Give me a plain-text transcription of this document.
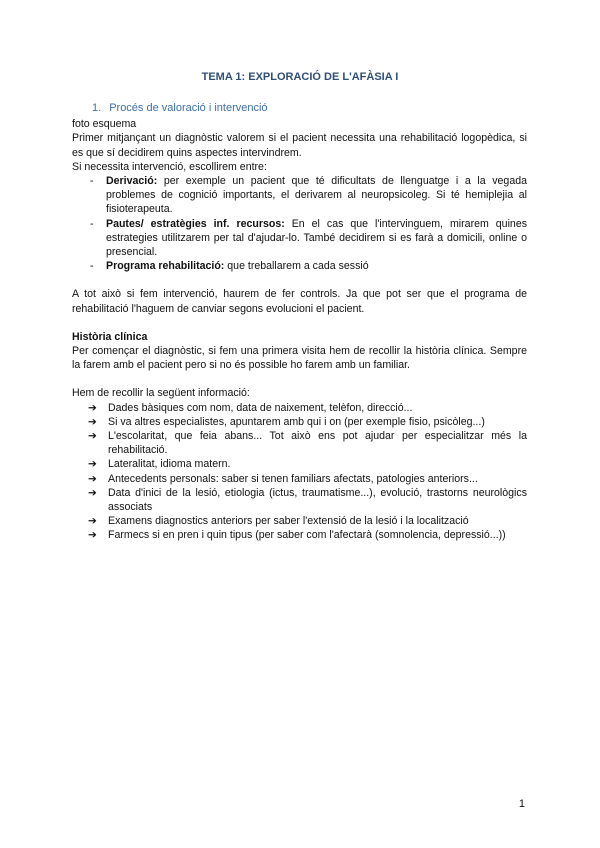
TEMA 1: EXPLORACIÓ DE L'AFÀSIA I
1. Procés de valoració i intervenció

foto esquema

Primer mitjançant un diagnòstic valorem si el pacient necessita una rehabilitació logopèdica, si es que sí decidirem quins aspectes intervindrem.

Si necessita intervenció, escollirem entre:

- Derivació: per exemple un pacient que té dificultats de llenguatge i a la vegada problemes de cognició importants, el derivarem al neuropsicoleg. Si té hemiplejia al fisioterapeuta.
- Pautes/ estratègies inf. recursos: En el cas que l'intervinguem, mirarem quines estrategies utilitzarem per tal d'ajudar-lo. També decidirem si es farà a domicili, online o presencial.
- Programa rehabilitació: que treballarem a cada sessió

A tot això si fem intervenció, haurem de fer controls. Ja que pot ser que el programa de rehabilitació l'haguem de canviar segons evolucioni el pacient.

Història clínica

Per començar el diagnòstic, si fem una primera visita hem de recollir la història clínica. Sempre la farem amb el pacient pero si no és possible ho farem amb un familiar.

Hem de recollir la següent informació:

➔ Dades bàsiques com nom, data de naixement, telèfon, direcció...
➔ Si va altres especialistes, apuntarem amb qui i on (per exemple fisio, psicòleg...)
➔ L'escolaritat, que feia abans... Tot això ens pot ajudar per especialitzar més la rehabilitació.
➔ Lateralitat, idioma matern.
➔ Antecedents personals: saber si tenen familiars afectats, patologies anteriors...
➔ Data d'inici de la lesió, etiologia (ictus, traumatisme...), evolució, trastorns neurològics associats
➔ Examens diagnostics anteriors per saber l'extensió de la lesió i la localització
➔ Farmecs si en pren i quin tipus (per saber com l'afectarà (somnolencia, depressió...))
1
